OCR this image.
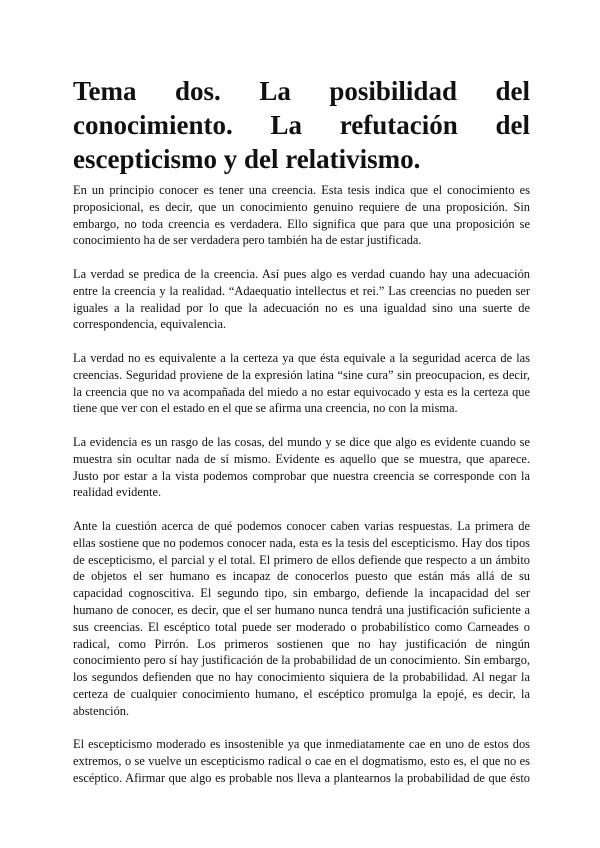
Tema dos. La posibilidad del conocimiento. La refutación del escepticismo y del relativismo.

En un principio conocer es tener una creencia. Esta tesis indica que el conocimiento es proposicional, es decir, que un conocimiento genuino requiere de una proposición. Sin embargo, no toda creencia es verdadera. Ello significa que para que una proposición se conocimiento ha de ser verdadera pero también ha de estar justificada.

La verdad se predica de la creencia. Así pues algo es verdad cuando hay una adecuación entre la creencia y la realidad. “Adaequatio intellectus et rei.” Las creencias no pueden ser iguales a la realidad por lo que la adecuación no es una igualdad sino una suerte de correspondencia, equivalencia.

La verdad no es equivalente a la certeza ya que ésta equivale a la seguridad acerca de las creencias. Seguridad proviene de la expresión latina “sine cura” sin preocupacion, es decir, la creencia que no va acompañada del miedo a no estar equivocado y esta es la certeza que tiene que ver con el estado en el que se afirma una creencia, no con la misma.

La evidencia es un rasgo de las cosas, del mundo y se dice que algo es evidente cuando se muestra sin ocultar nada de sí mismo. Evidente es aquello que se muestra, que aparece. Justo por estar a la vista podemos comprobar que nuestra creencia se corresponde con la realidad evidente.

Ante la cuestión acerca de qué podemos conocer caben varias respuestas. La primera de ellas sostiene que no podemos conocer nada, esta es la tesis del escepticismo. Hay dos tipos de escepticismo, el parcial y el total. El primero de ellos defiende que respecto a un ámbito de objetos el ser humano es incapaz de conocerlos puesto que están más allá de su capacidad cognoscitiva. El segundo tipo, sin embargo, defiende la incapacidad del ser humano de conocer, es decir, que el ser humano nunca tendrá una justificación suficiente a sus creencias. El escéptico total puede ser moderado o probabilístico como Carneades o radical, como Pirrón. Los primeros sostienen que no hay justificación de ningún conocimiento pero sí hay justificación de la probabilidad de un conocimiento. Sin embargo, los segundos defienden que no hay conocimiento siquiera de la probabilidad. Al negar la certeza de cualquier conocimiento humano, el escéptico promulga la epojé, es decir, la abstención.

El escepticismo moderado es insostenible ya que inmediatamente cae en uno de estos dos extremos, o se vuelve un escepticismo radical o cae en el dogmatismo, esto es, el que no es escéptico. Afirmar que algo es probable nos lleva a plantearnos la probabilidad de que ésto
